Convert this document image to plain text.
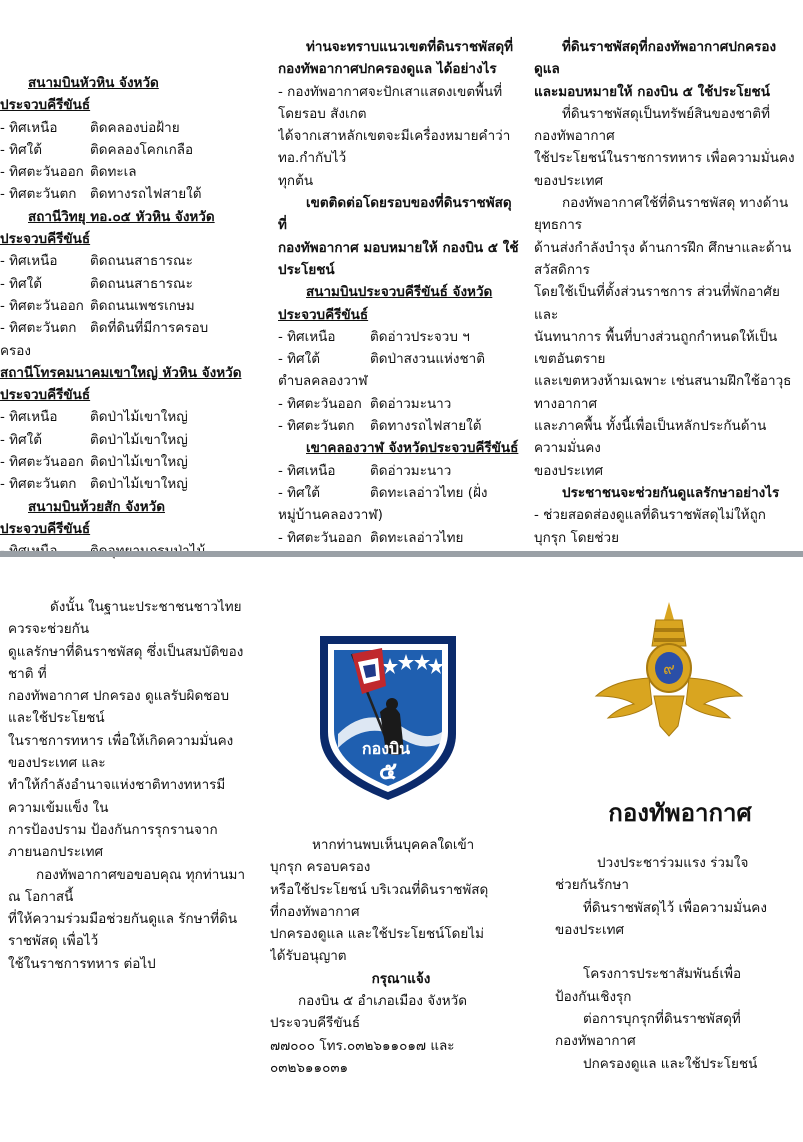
สนามบินหัวหิน จังหวัด
ประจวบคีรีขันธ์
- ทิศเหนือ	ติดคลองบ่อฝ้าย
- ทิศใต้	ติดคลองโคกเกลือ
- ทิศตะวันออก ติดทะเล
- ทิศตะวันตก	ติดทางรถไฟสายใต้
สถานีวิทยุ ทอ.๐๕ หัวหิน จังหวัด
ประจวบคีรีขันธ์
- ทิศเหนือ	ติดถนนสาธารณะ
- ทิศใต้	ติดถนนสาธารณะ
- ทิศตะวันออก ติดถนนเพชรเกษม
- ทิศตะวันตก	ติดที่ดินที่มีการครอบ
ครอง
สถานีโทรคมนาคมเขาใหญ่ หัวหิน จังหวัด
ประจวบคีรีขันธ์
- ทิศเหนือ	ติดป่าไม้เขาใหญ่
- ทิศใต้	ติดป่าไม้เขาใหญ่
- ทิศตะวันออก ติดป่าไม้เขาใหญ่
- ทิศตะวันตก	ติดป่าไม้เขาใหญ่
สนามบินห้วยสัก จังหวัด
ประจวบคีรีขันธ์
ท่านจะทราบแนวเขตที่ดินราชพัสดุที่
กองทัพอากาศปกครองดูแล ได้อย่างไร
- กองทัพอากาศจะปักเสาแสดงเขตพื้นที่
โดยรอบ สังเกต
ได้จากเสาหลักเขตจะมีเครื่องหมายคำว่า
ทอ.กำกับไว้
ทุกต้น
เขตติดต่อโดยรอบของที่ดินราชพัสดุ
ที่
กองทัพอากาศ มอบหมายให้ กองบิน ๕ ใช้
ประโยชน์
สนามบินประจวบคีรีขันธ์ จังหวัด
ประจวบคีรีขันธ์
- ทิศเหนือ	ติดอ่าวประจวบ ฯ
- ทิศใต้	ติดป่าสงวนแห่งชาติ
ตำบลคลองวาฬ
- ทิศตะวันออก ติดอ่าวมะนาว
- ทิศตะวันตก	ติดทางรถไฟสายใต้
เขาคลองวาฬ จังหวัดประจวบคีรีขันธ์
- ทิศเหนือ	ติดอ่าวมะนาว
- ทิศใต้	ติดทะเลอ่าวไทย (ฝั่ง
หมู่บ้านคลองวาฬ)
- ทิศตะวันออก ติดทะเลอ่าวไทย
ที่ดินราชพัสดุที่กองทัพอากาศปกครอง
ดูแล
และมอบหมายให้ กองบิน ๕ ใช้ประโยชน์
ที่ดินราชพัสดุเป็นทรัพย์สินของชาติที่
กองทัพอากาศ
ใช้ประโยชน์ในราชการทหาร เพื่อความมั่นคง
ของประเทศ
กองทัพอากาศใช้ที่ดินราชพัสดุ ทางด้าน
ยุทธการ
ด้านส่งกำลังบำรุง ด้านการฝึก ศึกษาและด้าน
สวัสดิการ
โดยใช้เป็นที่ตั้งส่วนราชการ ส่วนที่พักอาศัย
และ
นันทนาการ พื้นที่บางส่วนถูกกำหนดให้เป็น
เขตอันตราย
และเขตหวงห้ามเฉพาะ เช่นสนามฝึกใช้อาวุธ
ทางอากาศ
และภาคพื้น ทั้งนี้เพื่อเป็นหลักประกันด้าน
ความมั่นคง
ของประเทศ
ประชาชนจะช่วยกันดูแลรักษาอย่างไร
- ช่วยสอดส่องดูแลที่ดินราชพัสดุไม่ให้ถูก
บุกรุก โดยช่วย
ดังนั้น ในฐานะประชาชนชาวไทย
ควรจะช่วยกัน
ดูแลรักษาที่ดินราชพัสดุ ซึ่งเป็นสมบัติของ
ชาติ ที่
กองทัพอากาศ ปกครอง ดูแลรับผิดชอบ
และใช้ประโยชน์
ในราชการทหาร เพื่อให้เกิดความมั่นคง
ของประเทศ และ
ทำให้กำลังอำนาจแห่งชาติทางทหารมี
ความเข้มแข็ง ใน
การป้องปราม ป้องกันการรุกรานจาก
ภายนอกประเทศ
กองทัพอากาศขอขอบคุณ ทุกท่านมา
ณ โอกาสนี้
ที่ให้ความร่วมมือช่วยกันดูแล รักษาที่ดิน
ราชพัสดุ เพื่อไว้
ใช้ในราชการทหาร ต่อไป
กองบิน
๕
๙
กองทัพอากาศ
หากท่านพบเห็นบุคคลใดเข้า
บุกรุก ครอบครอง
หรือใช้ประโยชน์ บริเวณที่ดินราชพัสดุ
ที่กองทัพอากาศ
ปกครองดูแล และใช้ประโยชน์โดยไม่
ได้รับอนุญาต
กรุณาแจ้ง
กองบิน ๕ อำเภอเมือง จังหวัด
ประจวบคีรีขันธ์
๗๗๐๐๐ โทร.๐๓๒๖๑๑๐๑๗ และ
๐๓๒๖๑๑๐๓๑
ปวงประชาร่วมแรง ร่วมใจ
ช่วยกันรักษา
ที่ดินราชพัสดุไว้ เพื่อความมั่นคง
ของประเทศ

โครงการประชาสัมพันธ์เพื่อ
ป้องกันเชิงรุก
ต่อการบุกรุกที่ดินราชพัสดุที่
กองทัพอากาศ
ปกครองดูแล และใช้ประโยชน์
